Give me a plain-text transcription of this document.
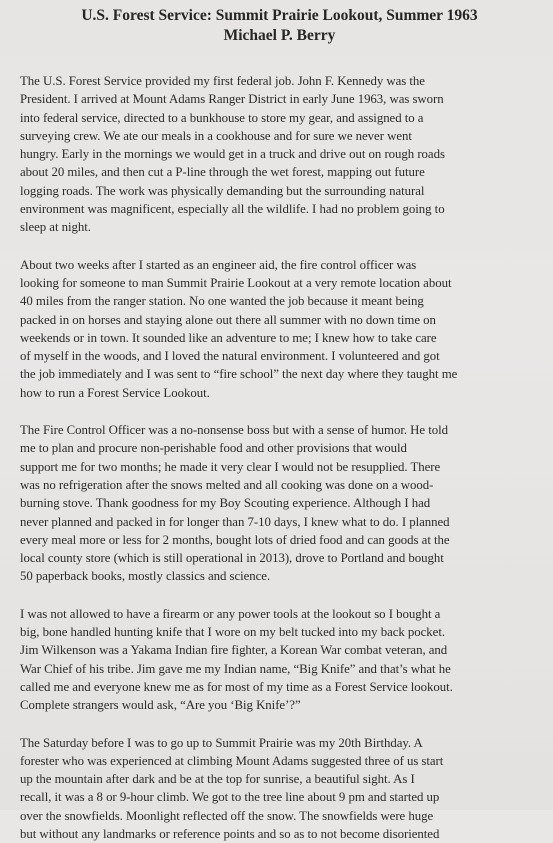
U.S. Forest Service: Summit Prairie Lookout, Summer 1963
Michael P. Berry

The U.S. Forest Service provided my first federal job. John F. Kennedy was the
President. I arrived at Mount Adams Ranger District in early June 1963, was sworn
into federal service, directed to a bunkhouse to store my gear, and assigned to a
surveying crew. We ate our meals in a cookhouse and for sure we never went
hungry. Early in the mornings we would get in a truck and drive out on rough roads
about 20 miles, and then cut a P-line through the wet forest, mapping out future
logging roads. The work was physically demanding but the surrounding natural
environment was magnificent, especially all the wildlife. I had no problem going to
sleep at night.

About two weeks after I started as an engineer aid, the fire control officer was
looking for someone to man Summit Prairie Lookout at a very remote location about
40 miles from the ranger station. No one wanted the job because it meant being
packed in on horses and staying alone out there all summer with no down time on
weekends or in town. It sounded like an adventure to me; I knew how to take care
of myself in the woods, and I loved the natural environment. I volunteered and got
the job immediately and I was sent to “fire school” the next day where they taught me
how to run a Forest Service Lookout.

The Fire Control Officer was a no-nonsense boss but with a sense of humor. He told
me to plan and procure non-perishable food and other provisions that would
support me for two months; he made it very clear I would not be resupplied. There
was no refrigeration after the snows melted and all cooking was done on a wood-
burning stove. Thank goodness for my Boy Scouting experience. Although I had
never planned and packed in for longer than 7-10 days, I knew what to do. I planned
every meal more or less for 2 months, bought lots of dried food and can goods at the
local county store (which is still operational in 2013), drove to Portland and bought
50 paperback books, mostly classics and science.

I was not allowed to have a firearm or any power tools at the lookout so I bought a
big, bone handled hunting knife that I wore on my belt tucked into my back pocket.
Jim Wilkenson was a Yakama Indian fire fighter, a Korean War combat veteran, and
War Chief of his tribe. Jim gave me my Indian name, “Big Knife” and that’s what he
called me and everyone knew me as for most of my time as a Forest Service lookout.
Complete strangers would ask, “Are you ‘Big Knife’?”

The Saturday before I was to go up to Summit Prairie was my 20th Birthday. A
forester who was experienced at climbing Mount Adams suggested three of us start
up the mountain after dark and be at the top for sunrise, a beautiful sight. As I
recall, it was a 8 or 9-hour climb. We got to the tree line about 9 pm and started up
over the snowfields. Moonlight reflected off the snow. The snowfields were huge
but without any landmarks or reference points and so as to not become disoriented
